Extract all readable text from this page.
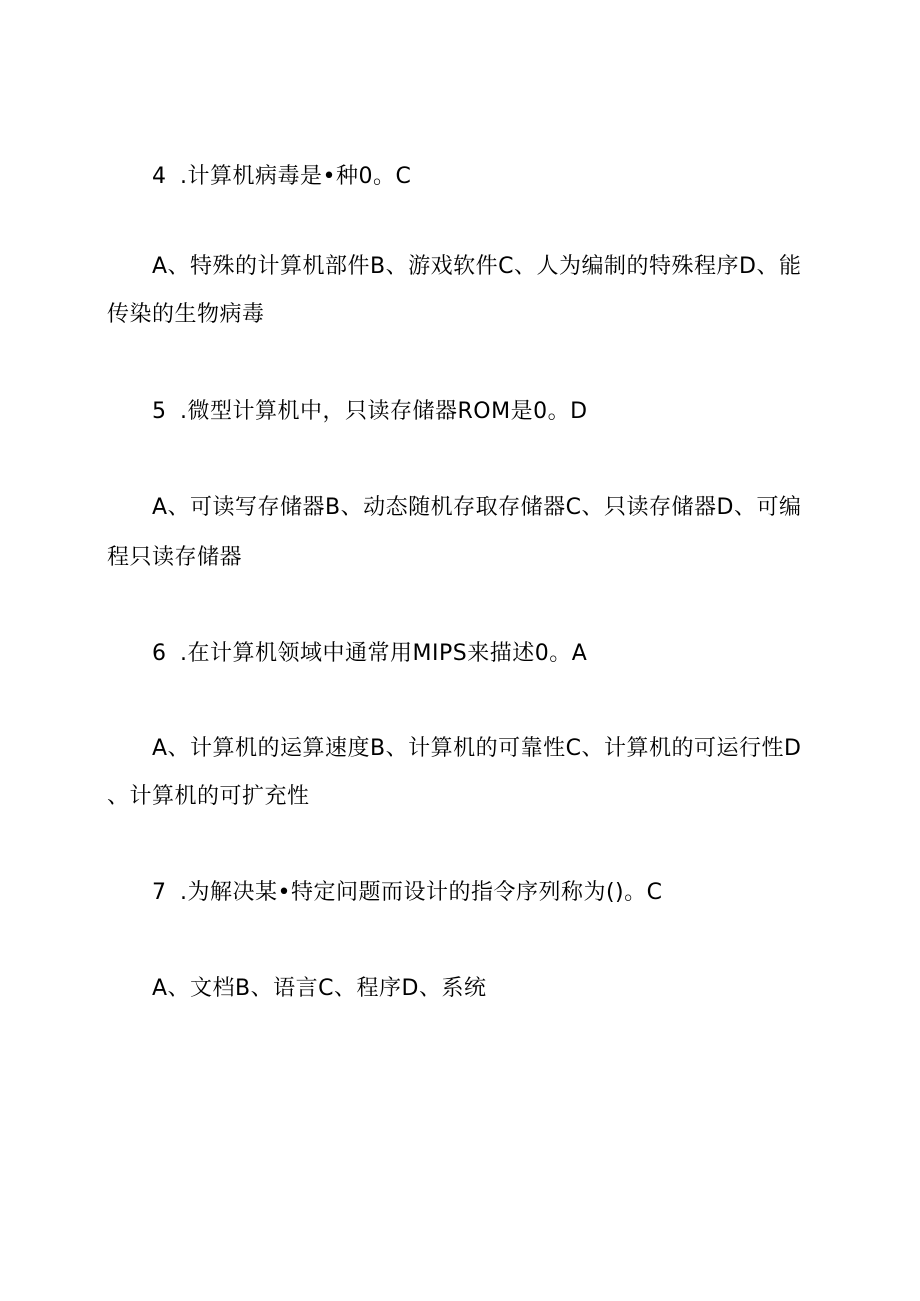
4 .计算机病毒是•种0。C
A、特殊的计算机部件B、游戏软件C、人为编制的特殊程序D、能
传染的生物病毒
5 .微型计算机中，只读存储器ROM是0。D
A、可读写存储器B、动态随机存取存储器C、只读存储器D、可编
程只读存储器
6 .在计算机领域中通常用MIPS来描述0。A
A、计算机的运算速度B、计算机的可靠性C、计算机的可运行性D
、计算机的可扩充性
7 .为解决某•特定问题而设计的指令序列称为()。C
A、文档B、语言C、程序D、系统
